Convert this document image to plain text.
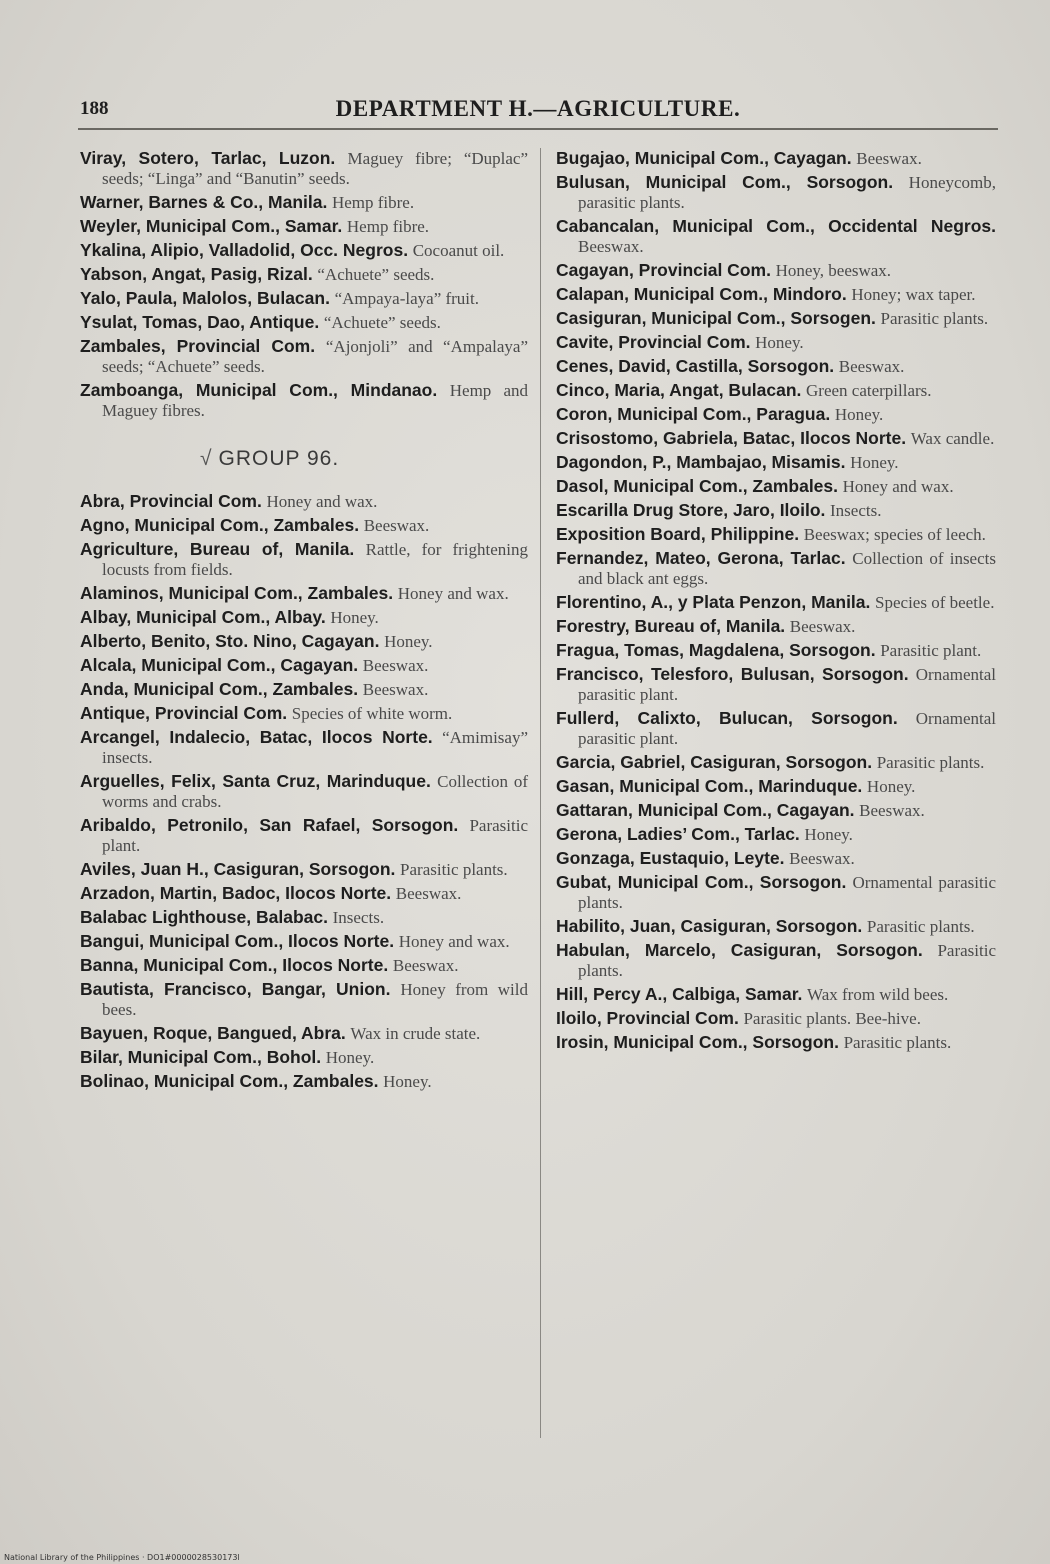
188	DEPARTMENT H.—AGRICULTURE.

Viray, Sotero, Tarlac, Luzon. Maguey fibre; “Duplac” seeds; “Linga” and “Banutin” seeds.

Warner, Barnes & Co., Manila. Hemp fibre.

Weyler, Municipal Com., Samar. Hemp fibre.

Ykalina, Alipio, Valladolid, Occ. Negros. Cocoanut oil.

Yabson, Angat, Pasig, Rizal. “Achuete” seeds.

Yalo, Paula, Malolos, Bulacan. “Ampaya-laya” fruit.

Ysulat, Tomas, Dao, Antique. “Achuete” seeds.

Zambales, Provincial Com. “Ajonjoli” and “Ampalaya” seeds; “Achuete” seeds.

Zamboanga, Municipal Com., Mindanao. Hemp and Maguey fibres.

√ GROUP 96.

Abra, Provincial Com. Honey and wax.

Agno, Municipal Com., Zambales. Beeswax.

Agriculture, Bureau of, Manila. Rattle, for frightening locusts from fields.

Alaminos, Municipal Com., Zambales. Honey and wax.

Albay, Municipal Com., Albay. Honey.

Alberto, Benito, Sto. Nino, Cagayan. Honey.

Alcala, Municipal Com., Cagayan. Beeswax.

Anda, Municipal Com., Zambales. Beeswax.

Antique, Provincial Com. Species of white worm.

Arcangel, Indalecio, Batac, Ilocos Norte. “Amimisay” insects.

Arguelles, Felix, Santa Cruz, Marinduque. Collection of worms and crabs.

Aribaldo, Petronilo, San Rafael, Sorsogon. Parasitic plant.

Aviles, Juan H., Casiguran, Sorsogon. Parasitic plants.

Arzadon, Martin, Badoc, Ilocos Norte. Beeswax.

Balabac Lighthouse, Balabac. Insects.

Bangui, Municipal Com., Ilocos Norte. Honey and wax.

Banna, Municipal Com., Ilocos Norte. Beeswax.

Bautista, Francisco, Bangar, Union. Honey from wild bees.

Bayuen, Roque, Bangued, Abra. Wax in crude state.

Bilar, Municipal Com., Bohol. Honey.

Bolinao, Municipal Com., Zambales. Honey.

Bugajao, Municipal Com., Cayagan. Beeswax.

Bulusan, Municipal Com., Sorsogon. Honeycomb, parasitic plants.

Cabancalan, Municipal Com., Occidental Negros. Beeswax.

Cagayan, Provincial Com. Honey, beeswax.

Calapan, Municipal Com., Mindoro. Honey; wax taper.

Casiguran, Municipal Com., Sorsogen. Parasitic plants.

Cavite, Provincial Com. Honey.

Cenes, David, Castilla, Sorsogon. Beeswax.

Cinco, Maria, Angat, Bulacan. Green caterpillars.

Coron, Municipal Com., Paragua. Honey.

Crisostomo, Gabriela, Batac, Ilocos Norte. Wax candle.

Dagondon, P., Mambajao, Misamis. Honey.

Dasol, Municipal Com., Zambales. Honey and wax.

Escarilla Drug Store, Jaro, Iloilo. Insects.

Exposition Board, Philippine. Beeswax; species of leech.

Fernandez, Mateo, Gerona, Tarlac. Collection of insects and black ant eggs.

Florentino, A., y Plata Penzon, Manila. Species of beetle.

Forestry, Bureau of, Manila. Beeswax.

Fragua, Tomas, Magdalena, Sorsogon. Parasitic plant.

Francisco, Telesforo, Bulusan, Sorsogon. Ornamental parasitic plant.

Fullerd, Calixto, Bulucan, Sorsogon. Ornamental parasitic plant.

Garcia, Gabriel, Casiguran, Sorsogon. Parasitic plants.

Gasan, Municipal Com., Marinduque. Honey.

Gattaran, Municipal Com., Cagayan. Beeswax.

Gerona, Ladies’ Com., Tarlac. Honey.

Gonzaga, Eustaquio, Leyte. Beeswax.

Gubat, Municipal Com., Sorsogon. Ornamental parasitic plants.

Habilito, Juan, Casiguran, Sorsogon. Parasitic plants.

Habulan, Marcelo, Casiguran, Sorsogon. Parasitic plants.

Hill, Percy A., Calbiga, Samar. Wax from wild bees.

Iloilo, Provincial Com. Parasitic plants. Bee-hive.

Irosin, Municipal Com., Sorsogon. Parasitic plants.

National Library of the Philippines · DO1#0000028530173l
